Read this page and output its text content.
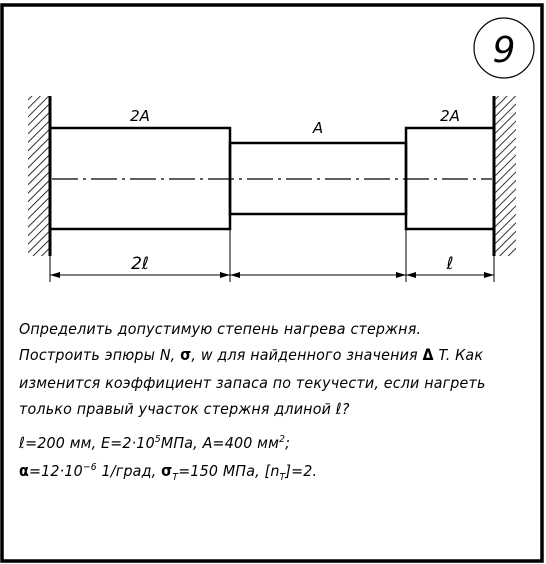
9
2A
A
2A
2ℓ	ℓ
Определить допустимую степень нагрева стержня.
Построить эпюры N, σ, w для найденного значения Δ T. Как
изменится коэффициент запаса по текучести, если нагреть
только правый участок стержня длиной ℓ?
ℓ=200 мм, $E=2\cdot 10^5МПа$, A=400 $мм^2$;
$\alpha=12\cdot 10^{-6}$ 1/град, $\sigma_T=150$ МПа, $[n_T]=2$.
